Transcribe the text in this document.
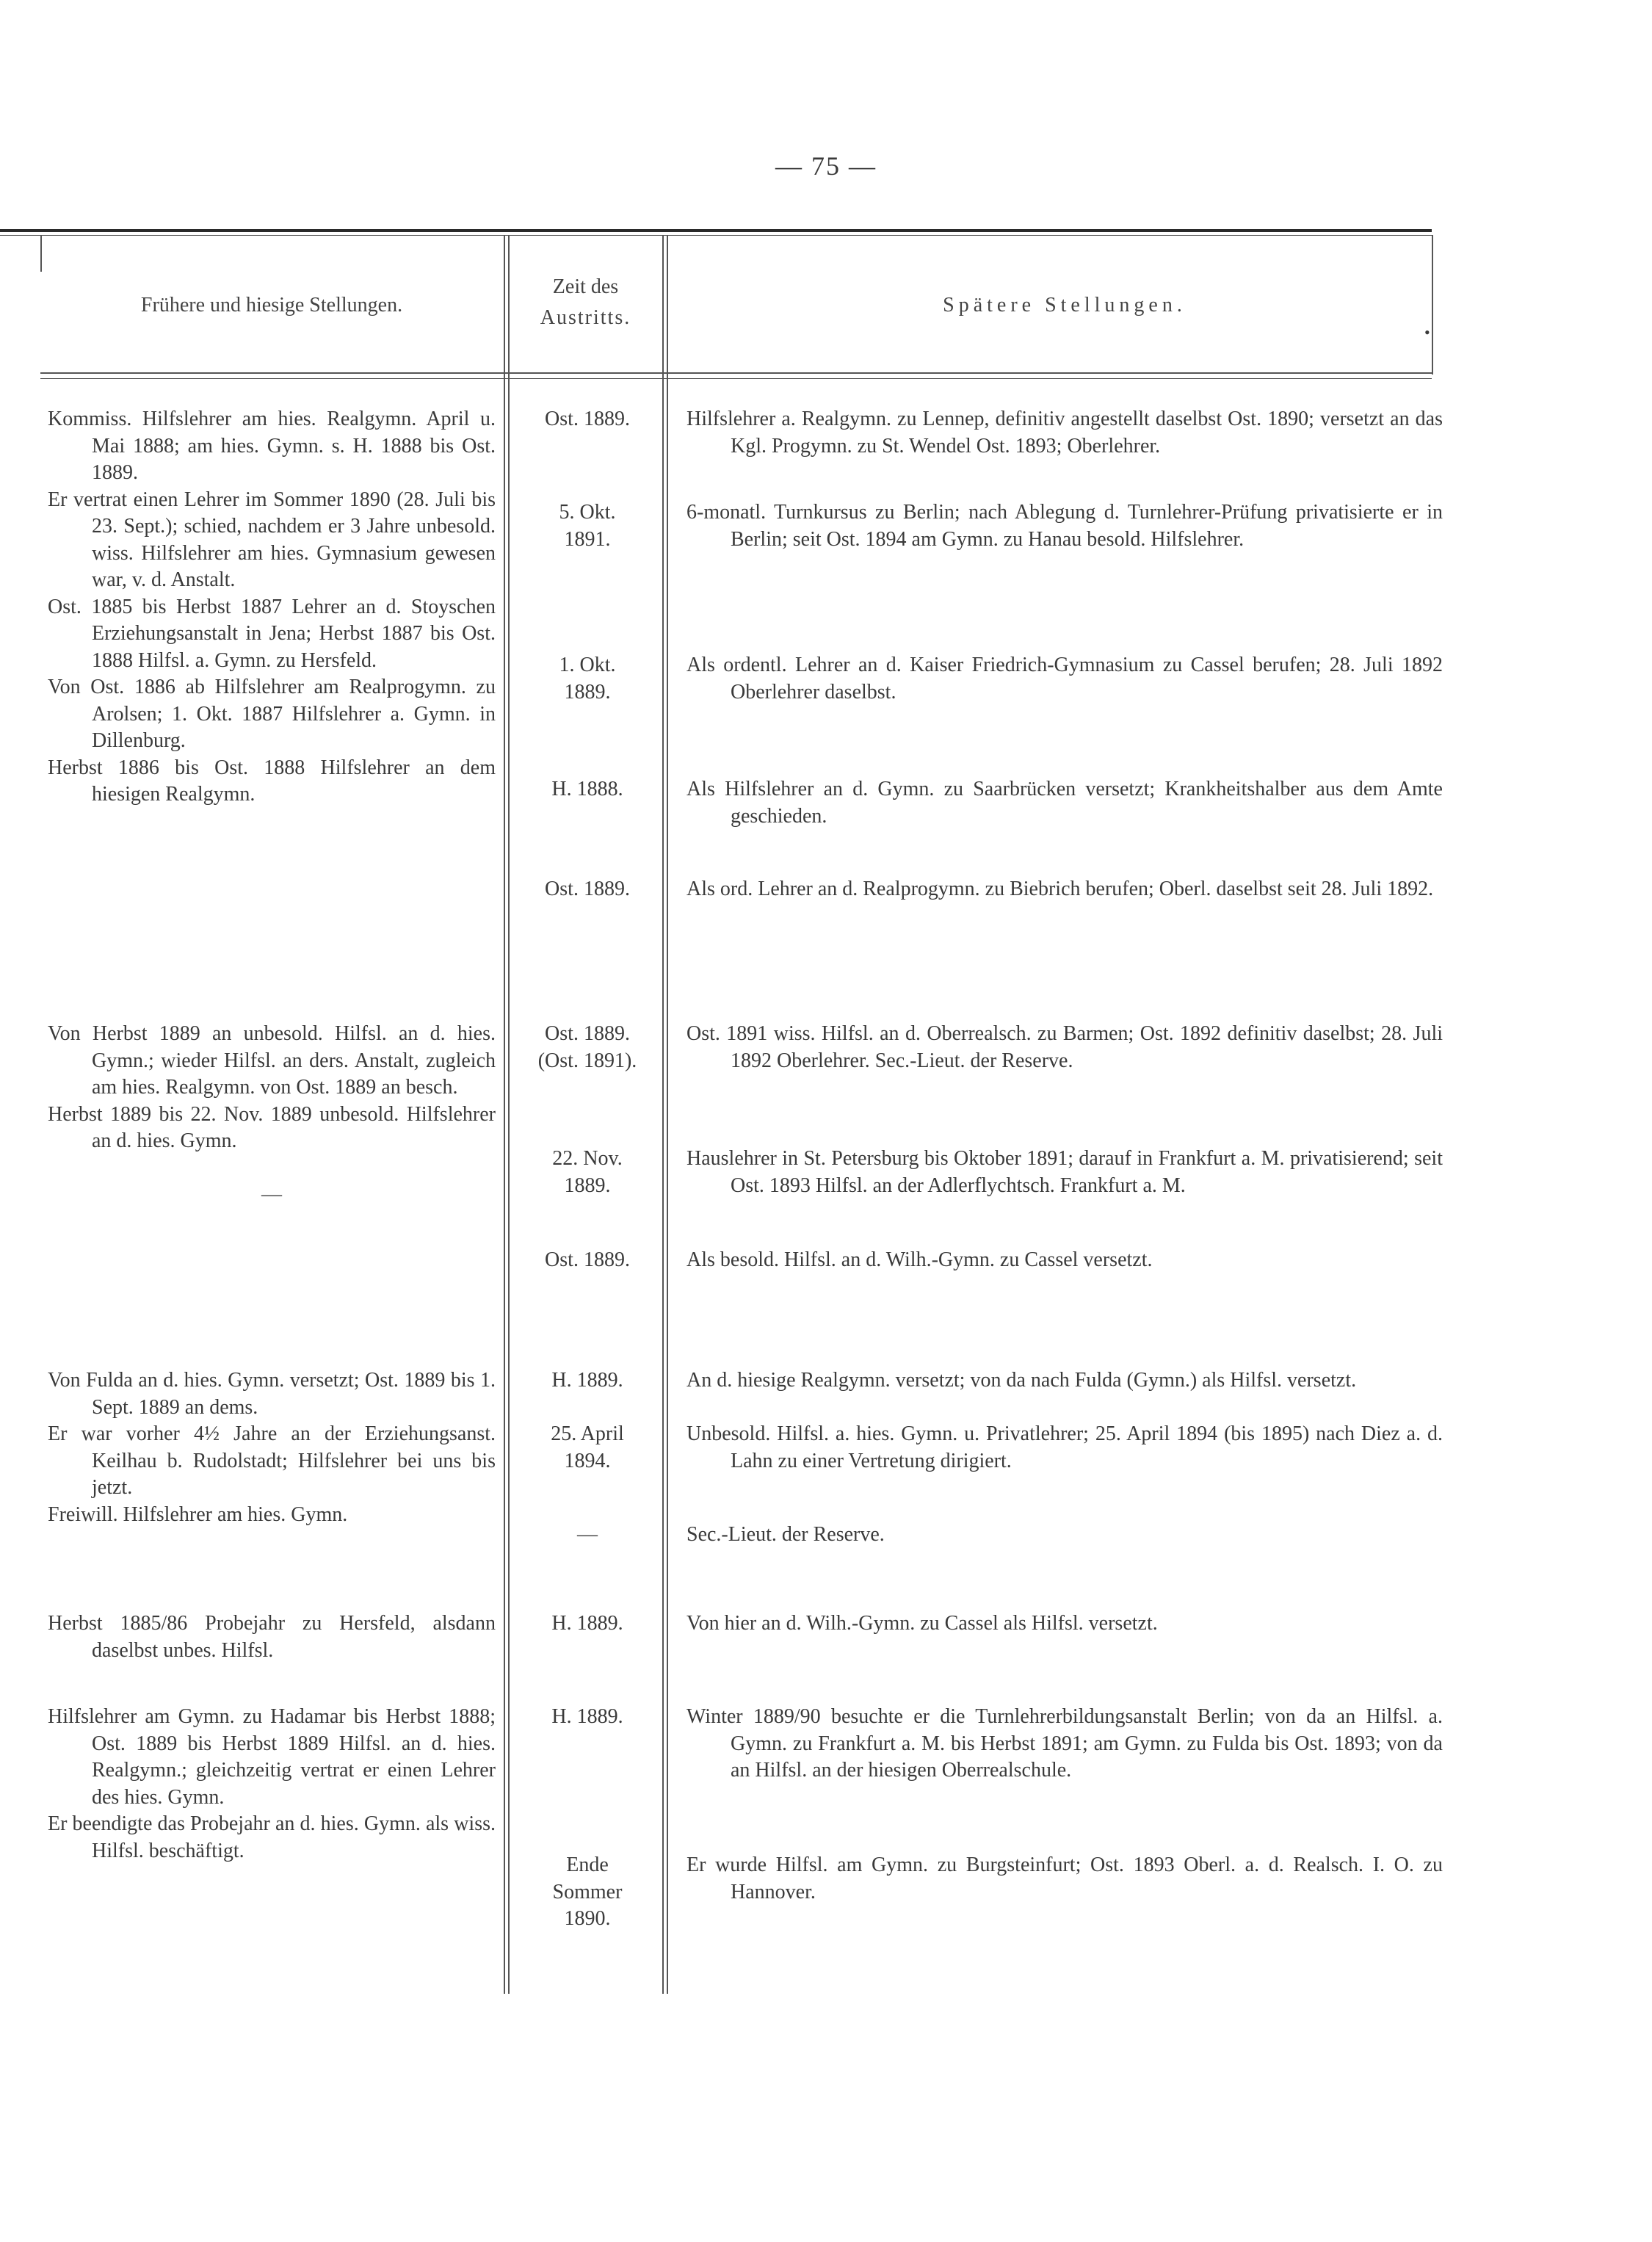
— 75 —
Frühere und hiesige Stellungen.
Zeit des
Austritts.
Spätere Stellungen.
•

Kommiss. Hilfslehrer am hies. Realgymn. April u. Mai 1888; am hies. Gymn. s. H. 1888 bis Ost. 1889.

Er vertrat einen Lehrer im Sommer 1890 (28. Juli bis 23. Sept.); schied, nachdem er 3 Jahre unbesold. wiss. Hilfslehrer am hies. Gymnasium gewesen war, v. d. Anstalt.

Ost. 1885 bis Herbst 1887 Lehrer an d. Stoyschen Erziehungsanstalt in Jena; Herbst 1887 bis Ost. 1888 Hilfsl. a. Gymn. zu Hersfeld.

Von Ost. 1886 ab Hilfslehrer am Realprogymn. zu Arolsen; 1. Okt. 1887 Hilfslehrer a. Gymn. in Dillenburg.

Herbst 1886 bis Ost. 1888 Hilfslehrer an dem hiesigen Realgymn.

Ost. 1889.
5. Okt.
1891.
1. Okt.
1889.
H. 1888.
Ost. 1889.

Hilfslehrer a. Realgymn. zu Lennep, definitiv angestellt daselbst Ost. 1890; versetzt an das Kgl. Progymn. zu St. Wendel Ost. 1893; Oberlehrer.

6-monatl. Turnkursus zu Berlin; nach Ablegung d. Turnlehrer-Prüfung privatisierte er in Berlin; seit Ost. 1894 am Gymn. zu Hanau besold. Hilfslehrer.

Als ordentl. Lehrer an d. Kaiser Friedrich-Gymnasium zu Cassel berufen; 28. Juli 1892 Oberlehrer daselbst.

Als Hilfslehrer an d. Gymn. zu Saarbrücken versetzt; Krankheitshalber aus dem Amte geschieden.

Als ord. Lehrer an d. Realprogymn. zu Biebrich berufen; Oberl. daselbst seit 28. Juli 1892.

Von Herbst 1889 an unbesold. Hilfsl. an d. hies. Gymn.; wieder Hilfsl. an ders. Anstalt, zugleich am hies. Realgymn. von Ost. 1889 an besch.

Herbst 1889 bis 22. Nov. 1889 unbesold. Hilfslehrer an d. hies. Gymn.

—

Ost. 1889.
(Ost. 1891).
22. Nov.
1889.
Ost. 1889.

Ost. 1891 wiss. Hilfsl. an d. Oberrealsch. zu Barmen; Ost. 1892 definitiv daselbst; 28. Juli 1892 Oberlehrer. Sec.-Lieut. der Reserve.

Hauslehrer in St. Petersburg bis Oktober 1891; darauf in Frankfurt a. M. privatisierend; seit Ost. 1893 Hilfsl. an der Adlerflychtsch. Frankfurt a. M.

Als besold. Hilfsl. an d. Wilh.-Gymn. zu Cassel versetzt.

Von Fulda an d. hies. Gymn. versetzt; Ost. 1889 bis 1. Sept. 1889 an dems.

Er war vorher 4½ Jahre an der Erziehungsanst. Keilhau b. Rudolstadt; Hilfslehrer bei uns bis jetzt.

Freiwill. Hilfslehrer am hies. Gymn.

H. 1889.
25. April
1894.
—

An d. hiesige Realgymn. versetzt; von da nach Fulda (Gymn.) als Hilfsl. versetzt.

Unbesold. Hilfsl. a. hies. Gymn. u. Privatlehrer; 25. April 1894 (bis 1895) nach Diez a. d. Lahn zu einer Vertretung dirigiert.

Sec.-Lieut. der Reserve.

Herbst 1885/86 Probejahr zu Hersfeld, alsdann daselbst unbes. Hilfsl.

H. 1889.	Von hier an d. Wilh.-Gymn. zu Cassel als Hilfsl. versetzt.

Hilfslehrer am Gymn. zu Hadamar bis Herbst 1888; Ost. 1889 bis Herbst 1889 Hilfsl. an d. hies. Realgymn.; gleichzeitig vertrat er einen Lehrer des hies. Gymn.

Er beendigte das Probejahr an d. hies. Gymn. als wiss. Hilfsl. beschäftigt.

H. 1889.
Ende
Sommer
1890.

Winter 1889/90 besuchte er die Turnlehrerbildungsanstalt Berlin; von da an Hilfsl. a. Gymn. zu Frankfurt a. M. bis Herbst 1891; am Gymn. zu Fulda bis Ost. 1893; von da an Hilfsl. an der hiesigen Oberrealschule.

Er wurde Hilfsl. am Gymn. zu Burgsteinfurt; Ost. 1893 Oberl. a. d. Realsch. I. O. zu Hannover.
